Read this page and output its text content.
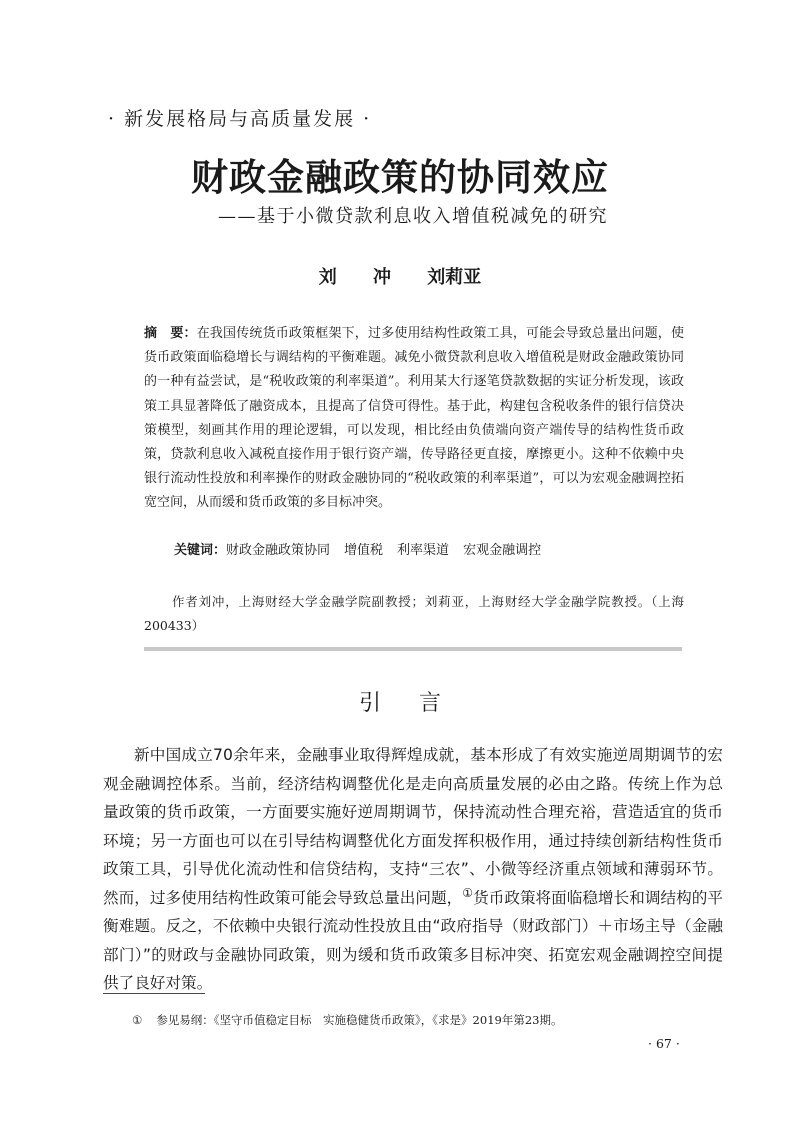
· 新发展格局与高质量发展 ·
财政金融政策的协同效应
——基于小微贷款利息收入增值税减免的研究
刘 冲 刘莉亚
摘　要：在我国传统货币政策框架下，过多使用结构性政策工具，可能会导致总量出问题，使货币政策面临稳增长与调结构的平衡难题。减免小微贷款利息收入增值税是财政金融政策协同的一种有益尝试，是“税收政策的利率渠道”。利用某大行逐笔贷款数据的实证分析发现，该政策工具显著降低了融资成本，且提高了信贷可得性。基于此，构建包含税收条件的银行信贷决策模型，刻画其作用的理论逻辑，可以发现，相比经由负债端向资产端传导的结构性货币政策，贷款利息收入减税直接作用于银行资产端，传导路径更直接，摩擦更小。这种不依赖中央银行流动性投放和利率操作的财政金融协同的“税收政策的利率渠道”，可以为宏观金融调控拓宽空间，从而缓和货币政策的多目标冲突。
关键词：财政金融政策协同 增值税 利率渠道 宏观金融调控
作者刘冲，上海财经大学金融学院副教授；刘莉亚，上海财经大学金融学院教授。（上海　200433）
引言
新中国成立70余年来，金融事业取得辉煌成就，基本形成了有效实施逆周期调节的宏观金融调控体系。当前，经济结构调整优化是走向高质量发展的必由之路。传统上作为总量政策的货币政策，一方面要实施好逆周期调节，保持流动性合理充裕，营造适宜的货币环境；另一方面也可以在引导结构调整优化方面发挥积极作用，通过持续创新结构性货币政策工具，引导优化流动性和信贷结构，支持“三农”、小微等经济重点领域和薄弱环节。然而，过多使用结构性政策可能会导致总量出问题，①货币政策将面临稳增长和调结构的平衡难题。反之，不依赖中央银行流动性投放且由“政府指导（财政部门）＋市场主导（金融部门）”的财政与金融协同政策，则为缓和货币政策多目标冲突、拓宽宏观金融调控空间提供了良好对策。
① 参见易纲：《坚守币值稳定目标　实施稳健货币政策》，《求是》2019年第23期。
· 67 ·
